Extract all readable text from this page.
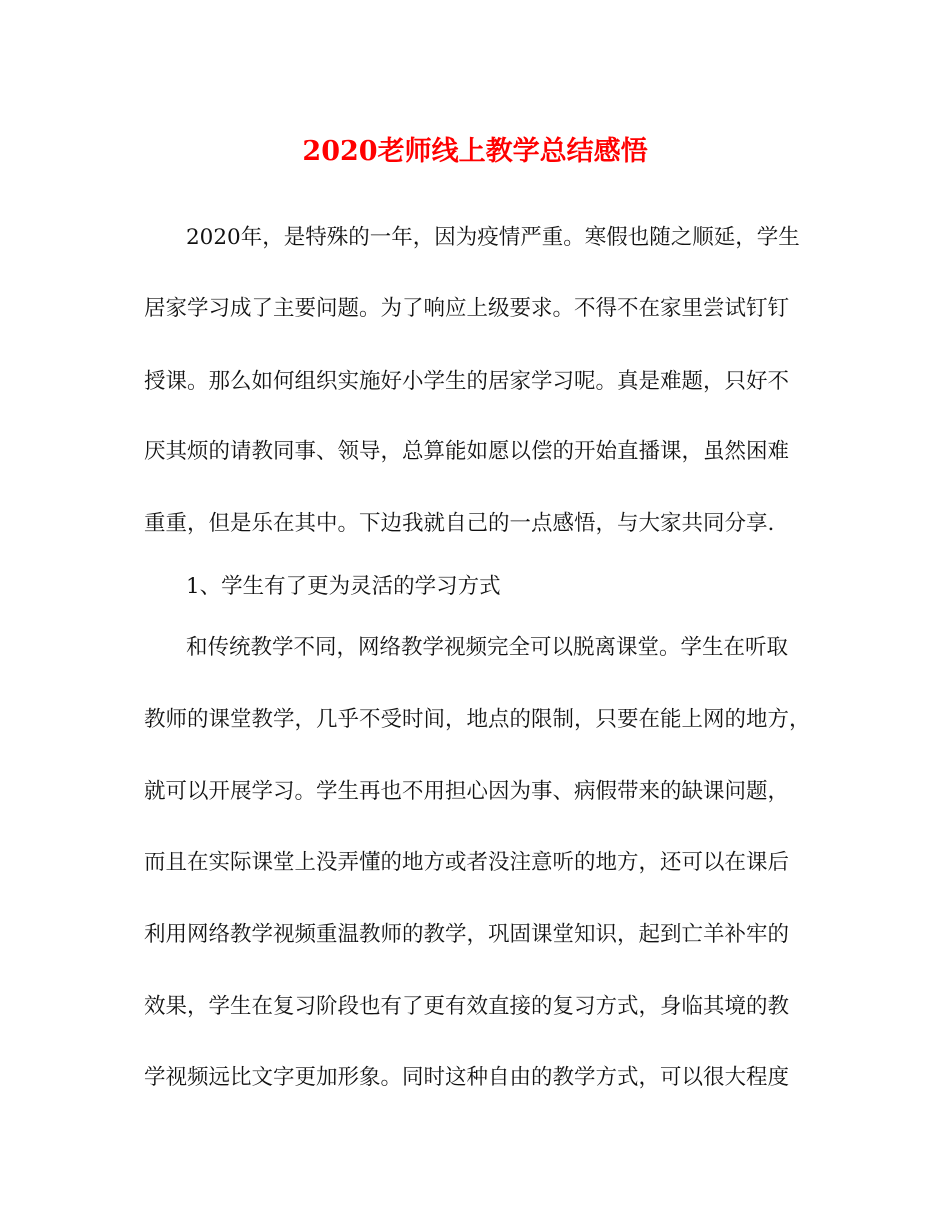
2020老师线上教学总结感悟
2020年，是特殊的一年，因为疫情严重。寒假也随之顺延，学生
居家学习成了主要问题。为了响应上级要求。不得不在家里尝试钉钉
授课。那么如何组织实施好小学生的居家学习呢。真是难题，只好不
厌其烦的请教同事、领导，总算能如愿以偿的开始直播课，虽然困难
重重，但是乐在其中。下边我就自己的一点感悟，与大家共同分享.
1、学生有了更为灵活的学习方式
和传统教学不同，网络教学视频完全可以脱离课堂。学生在听取
教师的课堂教学，几乎不受时间，地点的限制，只要在能上网的地方，
就可以开展学习。学生再也不用担心因为事、病假带来的缺课问题，
而且在实际课堂上没弄懂的地方或者没注意听的地方，还可以在课后
利用网络教学视频重温教师的教学，巩固课堂知识，起到亡羊补牢的
效果，学生在复习阶段也有了更有效直接的复习方式，身临其境的教
学视频远比文字更加形象。同时这种自由的教学方式，可以很大程度
